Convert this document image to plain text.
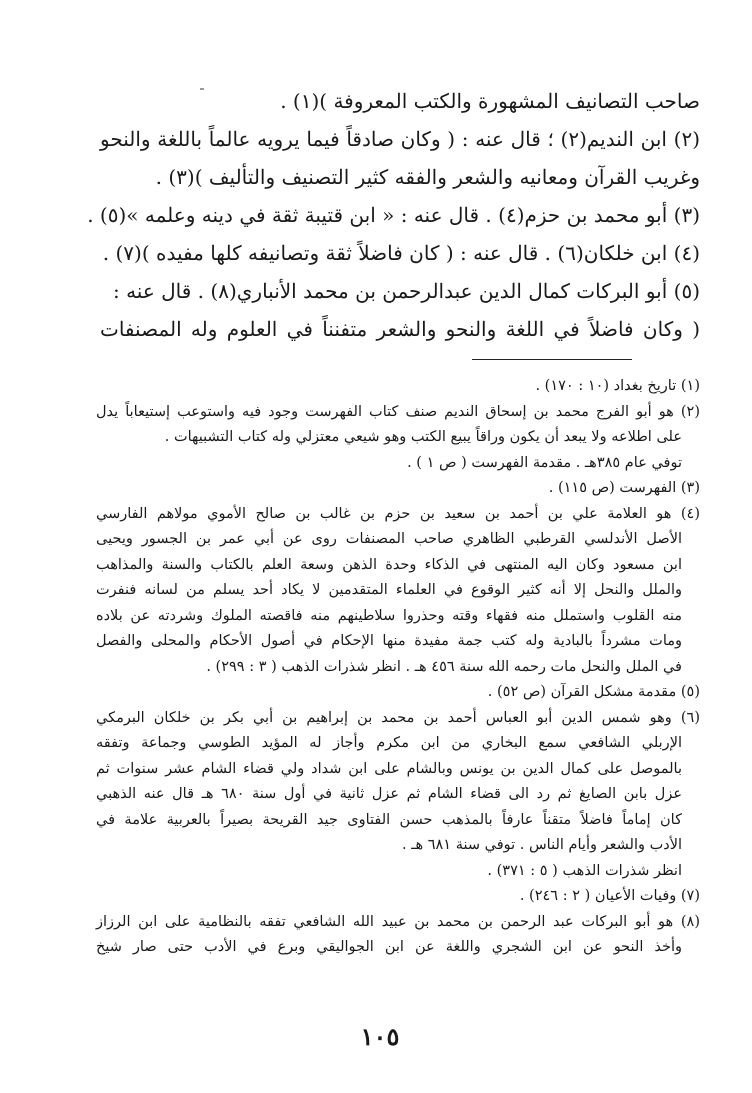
صاحب التصانيف المشهورة والكتب المعروفة )(١) .
(٢) ابن النديم(٢) ؛ قال عنه : ( وكان صادقاً فيما يرويه عالماً باللغة والنحو
وغريب القرآن ومعانيه والشعر والفقه كثير التصنيف والتأليف )(٣) .
(٣) أبو محمد بن حزم(٤) . قال عنه : « ابن قتيبة ثقة في دينه وعلمه »(٥) .
(٤) ابن خلكان(٦) . قال عنه : ( كان فاضلاً ثقة وتصانيفه كلها مفيده )(٧) .
(٥) أبو البركات كمال الدين عبدالرحمن بن محمد الأنباري(٨) . قال عنه :
( وكان فاضلاً في اللغة والنحو والشعر متفنناً في العلوم وله المصنفات
(١) تاريخ بغداد (١٠ : ١٧٠) .
(٢) هو أبو الفرج محمد بن إسحاق النديم صنف كتاب الفهرست وجود فيه واستوعب إستيعاباً يدل
على اطلاعه ولا يبعد أن يكون وراقاً يبيع الكتب وهو شيعي معتزلي وله كتاب التشبيهات .
توفي عام ٣٨٥هـ . مقدمة الفهرست ( ص ١ ) .
(٣) الفهرست (ص ١١٥) .
(٤) هو العلامة علي بن أحمد بن سعيد بن حزم بن غالب بن صالح الأموي مولاهم الفارسي
الأصل الأندلسي القرطبي الظاهري صاحب المصنفات روى عن أبي عمر بن الجسور ويحيى
ابن مسعود وكان اليه المنتهى في الذكاء وحدة الذهن وسعة العلم بالكتاب والسنة والمذاهب
والملل والنحل إلا أنه كثير الوقوع في العلماء المتقدمين لا يكاد أحد يسلم من لسانه فنفرت
منه القلوب واستملل منه فقهاء وقته وحذروا سلاطينهم منه فاقصته الملوك وشردته عن بلاده
ومات مشرداً بالبادية وله كتب جمة مفيدة منها الإحكام في أصول الأحكام والمحلى والفصل
في الملل والنحل مات رحمه الله سنة ٤٥٦ هـ . انظر شذرات الذهب ( ٣ : ٢٩٩) .
(٥) مقدمة مشكل القرآن (ص ٥٢) .
(٦) وهو شمس الدين أبو العباس أحمد بن محمد بن إبراهيم بن أبي بكر بن خلكان البرمكي
الإربلي الشافعي سمع البخاري من ابن مكرم وأجاز له المؤيد الطوسي وجماعة وتفقه
بالموصل على كمال الدين بن يونس وبالشام على ابن شداد ولي قضاء الشام عشر سنوات ثم
عزل بابن الصايغ ثم رد الى قضاء الشام ثم عزل ثانية في أول سنة ٦٨٠ هـ قال عنه الذهبي
كان إماماً فاضلاً متقناً عارفاً بالمذهب حسن الفتاوى جيد القريحة بصيراً بالعربية علامة في
الأدب والشعر وأيام الناس . توفي سنة ٦٨١ هـ .
انظر شذرات الذهب ( ٥ : ٣٧١) .
(٧) وفيات الأعيان ( ٢ : ٢٤٦) .
(٨) هو أبو البركات عبد الرحمن بن محمد بن عبيد الله الشافعي تفقه بالنظامية على ابن الرزاز
وأخذ النحو عن ابن الشجري واللغة عن ابن الجواليقي وبرع في الأدب حتى صار شيخ
١٠٥
